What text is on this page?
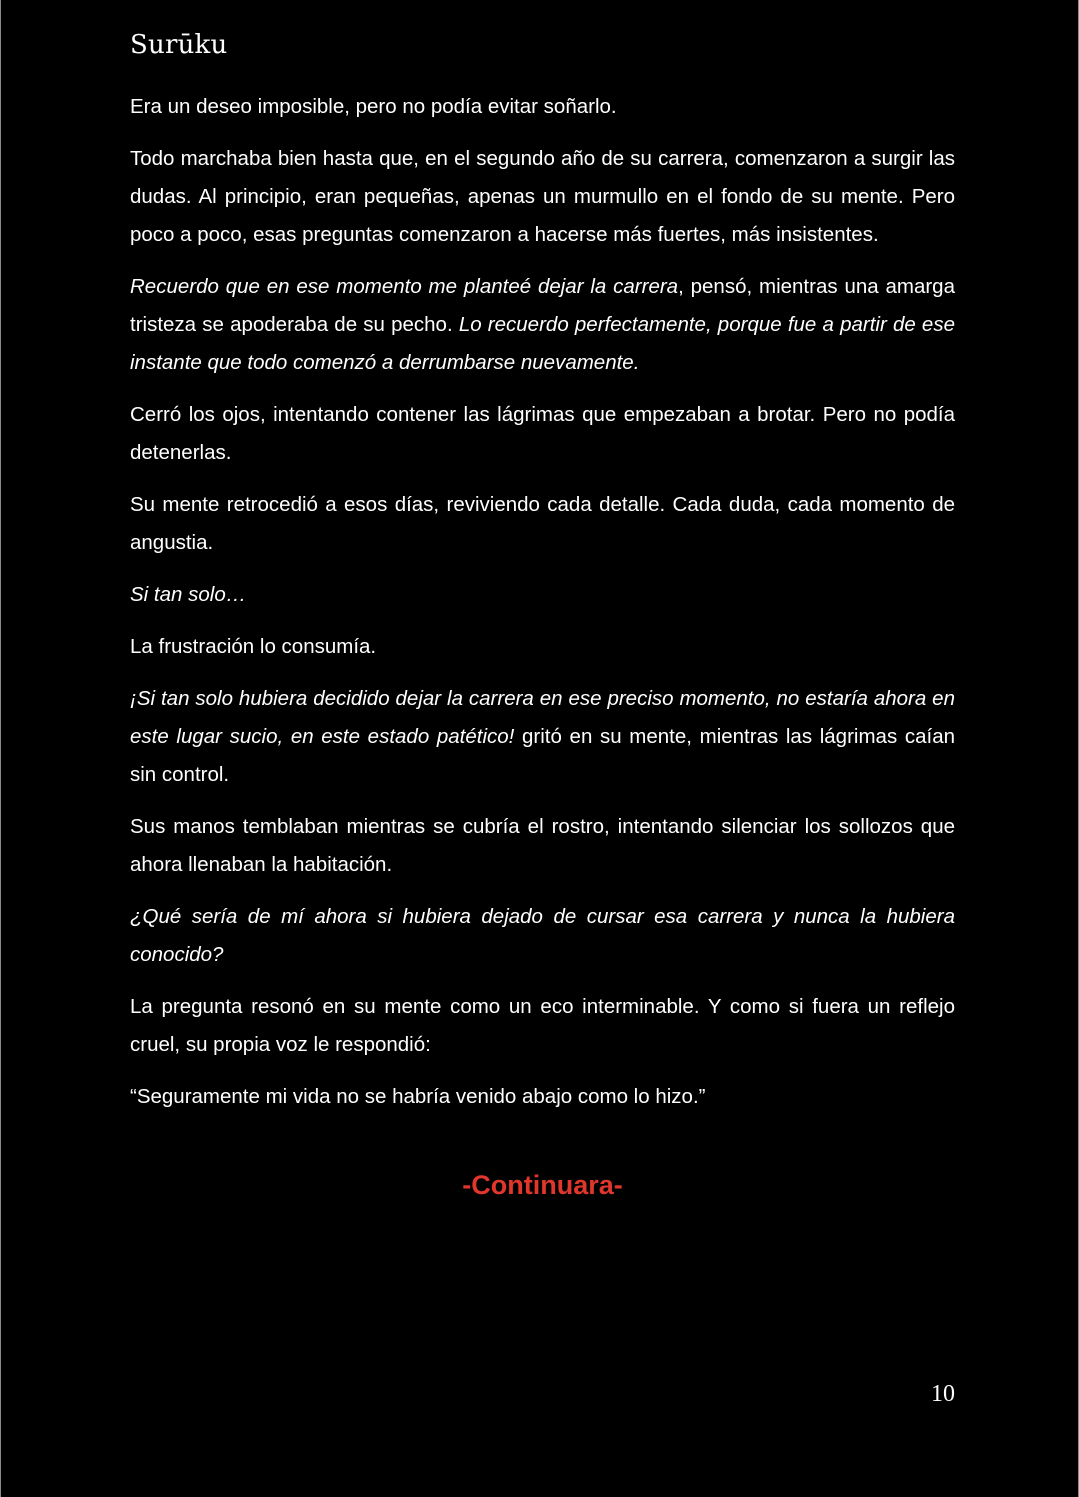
Surūku

Era un deseo imposible, pero no podía evitar soñarlo.

Todo marchaba bien hasta que, en el segundo año de su carrera, comenzaron a surgir las dudas. Al principio, eran pequeñas, apenas un murmullo en el fondo de su mente. Pero poco a poco, esas preguntas comenzaron a hacerse más fuertes, más insistentes.

Recuerdo que en ese momento me planteé dejar la carrera, pensó, mientras una amarga tristeza se apoderaba de su pecho. Lo recuerdo perfectamente, porque fue a partir de ese instante que todo comenzó a derrumbarse nuevamente.

Cerró los ojos, intentando contener las lágrimas que empezaban a brotar. Pero no podía detenerlas.

Su mente retrocedió a esos días, reviviendo cada detalle. Cada duda, cada momento de angustia.

Si tan solo…

La frustración lo consumía.

¡Si tan solo hubiera decidido dejar la carrera en ese preciso momento, no estaría ahora en este lugar sucio, en este estado patético! gritó en su mente, mientras las lágrimas caían sin control.

Sus manos temblaban mientras se cubría el rostro, intentando silenciar los sollozos que ahora llenaban la habitación.

¿Qué sería de mí ahora si hubiera dejado de cursar esa carrera y nunca la hubiera conocido?

La pregunta resonó en su mente como un eco interminable. Y como si fuera un reflejo cruel, su propia voz le respondió:

“Seguramente mi vida no se habría venido abajo como lo hizo.”

-Continuara-
10
